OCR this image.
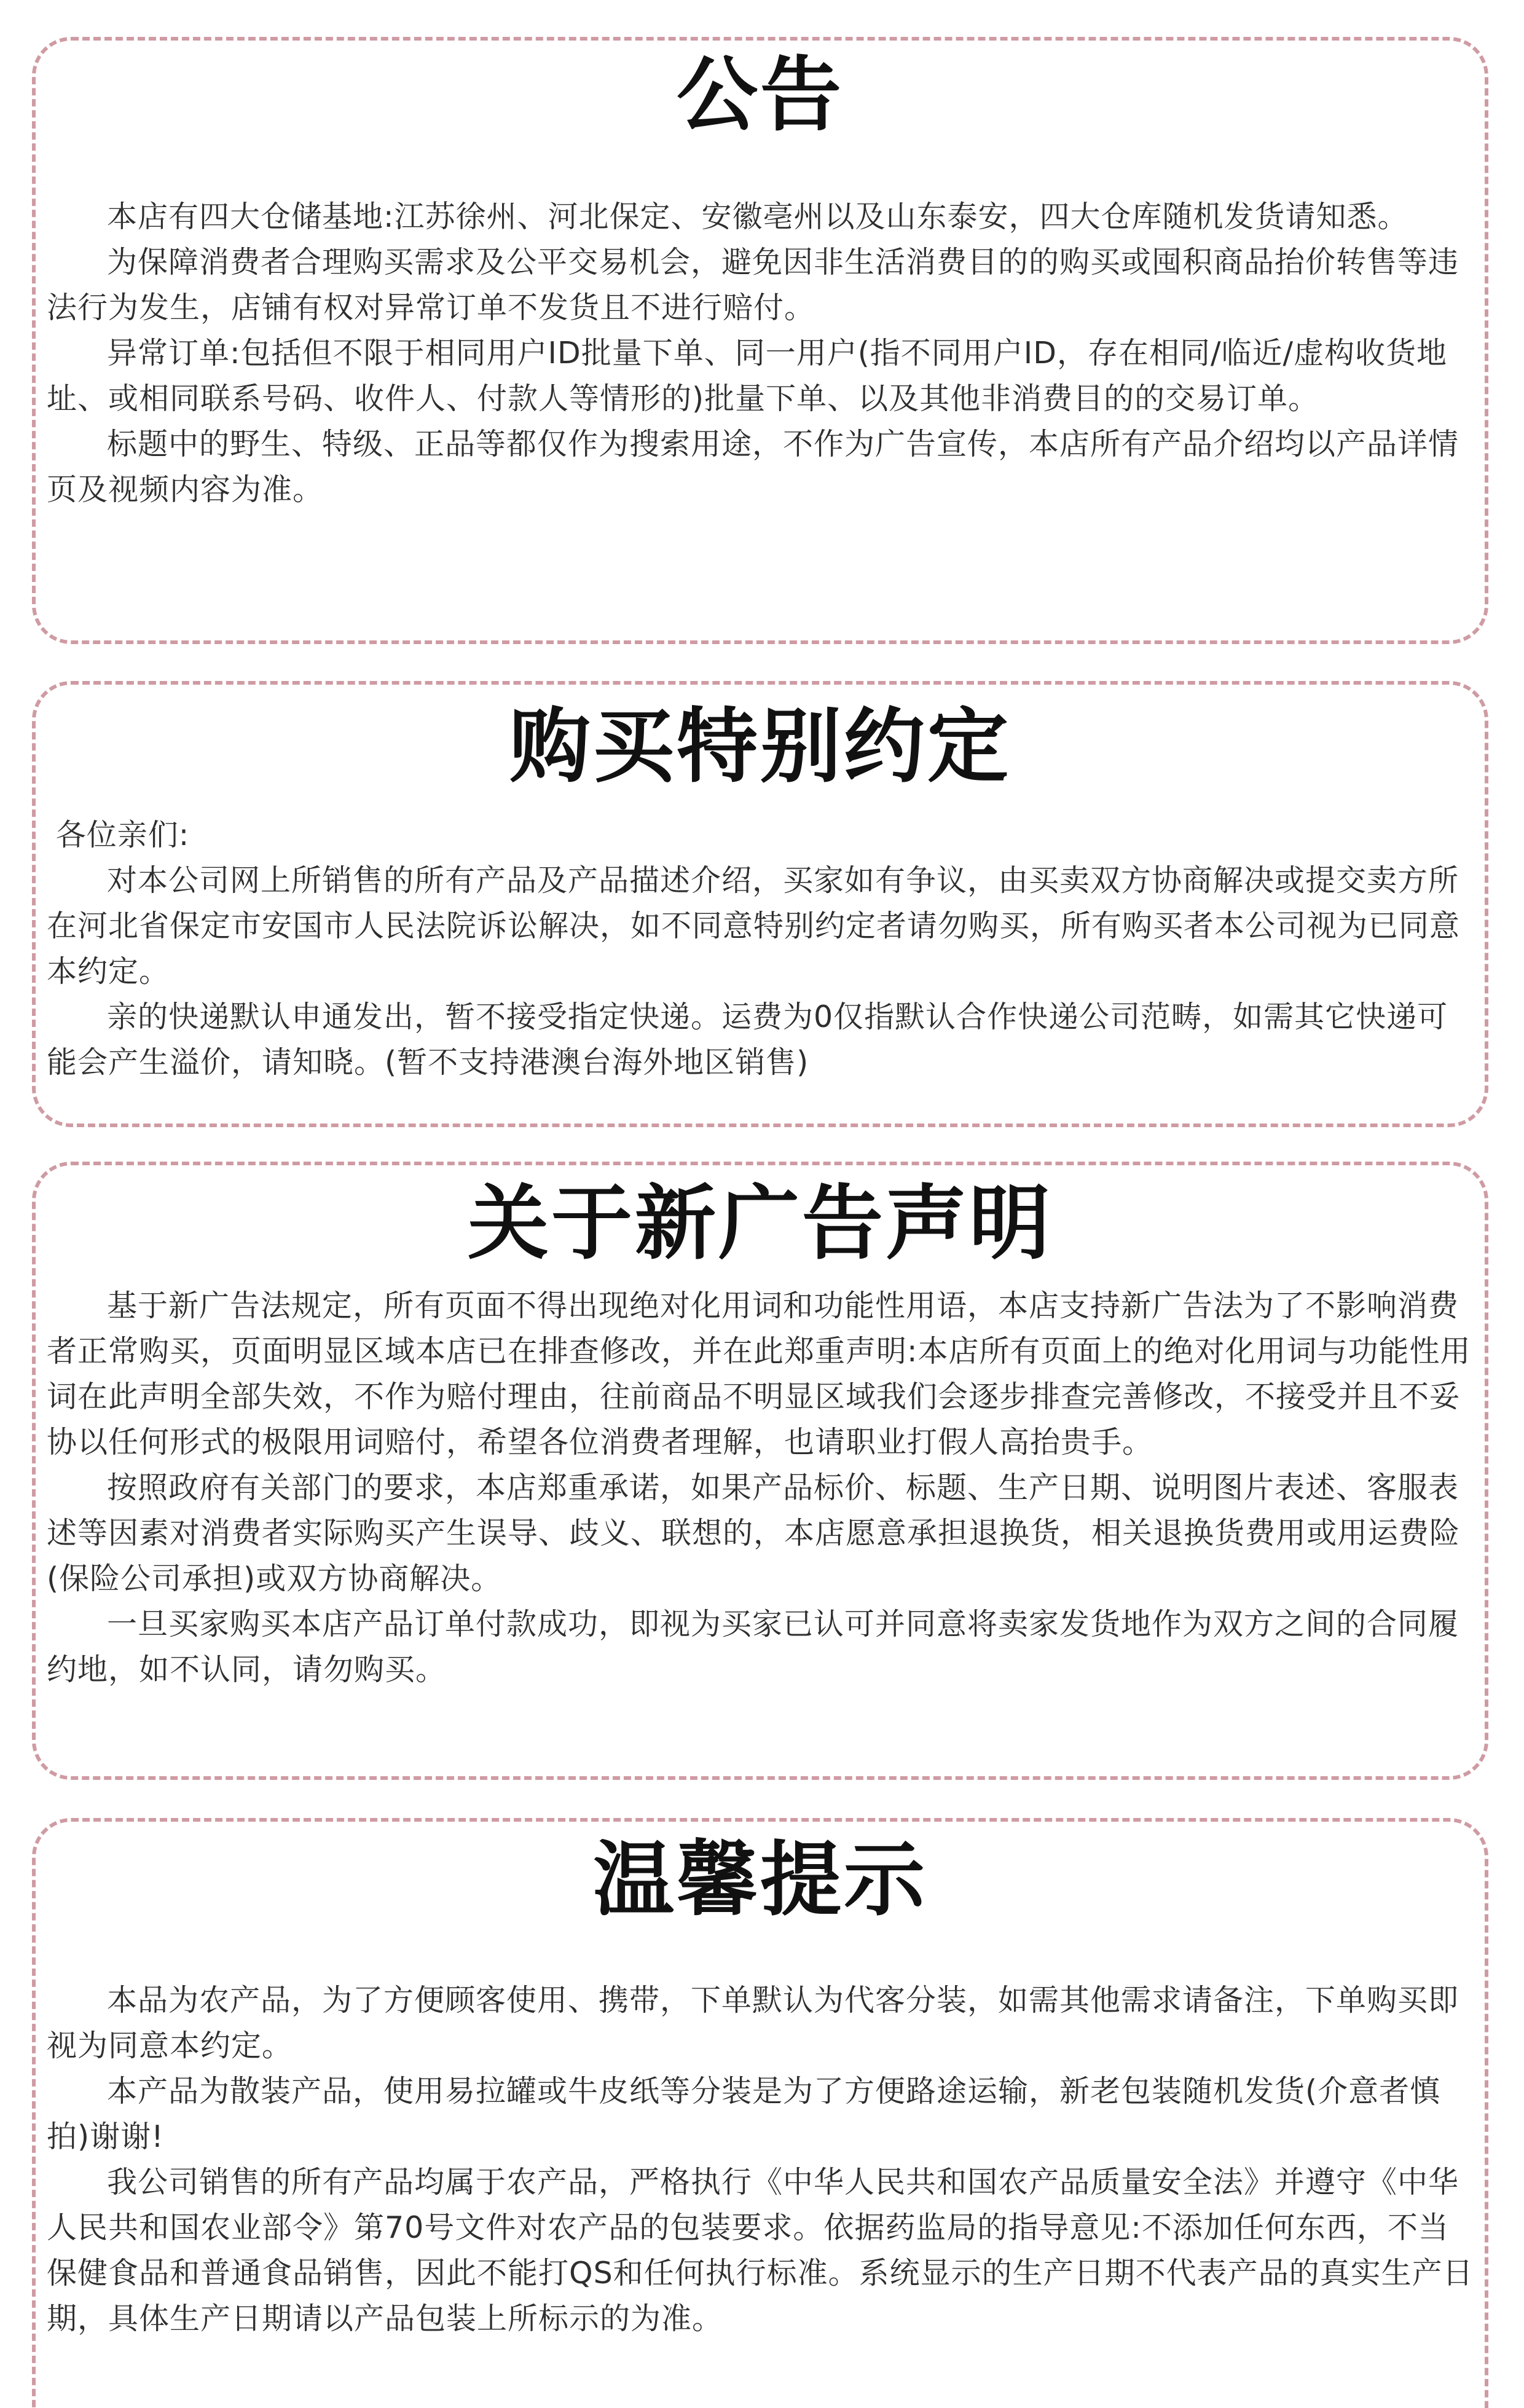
公告

本店有四大仓储基地:江苏徐州、河北保定、安徽亳州以及山东泰安，四大仓库随机发货请知悉。

为保障消费者合理购买需求及公平交易机会，避免因非生活消费目的的购买或囤积商品抬价转售等违法行为发生，店铺有权对异常订单不发货且不进行赔付。

异常订单:包括但不限于相同用户ID批量下单、同一用户(指不同用户ID，存在相同/临近/虚构收货地址、或相同联系号码、收件人、付款人等情形的)批量下单、以及其他非消费目的的交易订单。

标题中的野生、特级、正品等都仅作为搜索用途，不作为广告宣传，本店所有产品介绍均以产品详情页及视频内容为准。

购买特别约定

各位亲们:

对本公司网上所销售的所有产品及产品描述介绍，买家如有争议，由买卖双方协商解决或提交卖方所在河北省保定市安国市人民法院诉讼解决，如不同意特别约定者请勿购买，所有购买者本公司视为已同意本约定。

亲的快递默认申通发出，暂不接受指定快递。运费为0仅指默认合作快递公司范畴，如需其它快递可能会产生溢价，请知晓。(暂不支持港澳台海外地区销售)

关于新广告声明

基于新广告法规定，所有页面不得出现绝对化用词和功能性用语，本店支持新广告法为了不影响消费者正常购买，页面明显区域本店已在排查修改，并在此郑重声明:本店所有页面上的绝对化用词与功能性用词在此声明全部失效，不作为赔付理由，往前商品不明显区域我们会逐步排查完善修改，不接受并且不妥协以任何形式的极限用词赔付，希望各位消费者理解，也请职业打假人高抬贵手。

按照政府有关部门的要求，本店郑重承诺，如果产品标价、标题、生产日期、说明图片表述、客服表述等因素对消费者实际购买产生误导、歧义、联想的，本店愿意承担退换货，相关退换货费用或用运费险(保险公司承担)或双方协商解决。

一旦买家购买本店产品订单付款成功，即视为买家已认可并同意将卖家发货地作为双方之间的合同履约地，如不认同，请勿购买。

温馨提示

本品为农产品，为了方便顾客使用、携带，下单默认为代客分装，如需其他需求请备注，下单购买即视为同意本约定。

本产品为散装产品，使用易拉罐或牛皮纸等分装是为了方便路途运输，新老包装随机发货(介意者慎拍)谢谢!

我公司销售的所有产品均属于农产品，严格执行《中华人民共和国农产品质量安全法》并遵守《中华人民共和国农业部令》第70号文件对农产品的包装要求。依据药监局的指导意见:不添加任何东西，不当保健食品和普通食品销售，因此不能打QS和任何执行标准。系统显示的生产日期不代表产品的真实生产日期，具体生产日期请以产品包装上所标示的为准。
